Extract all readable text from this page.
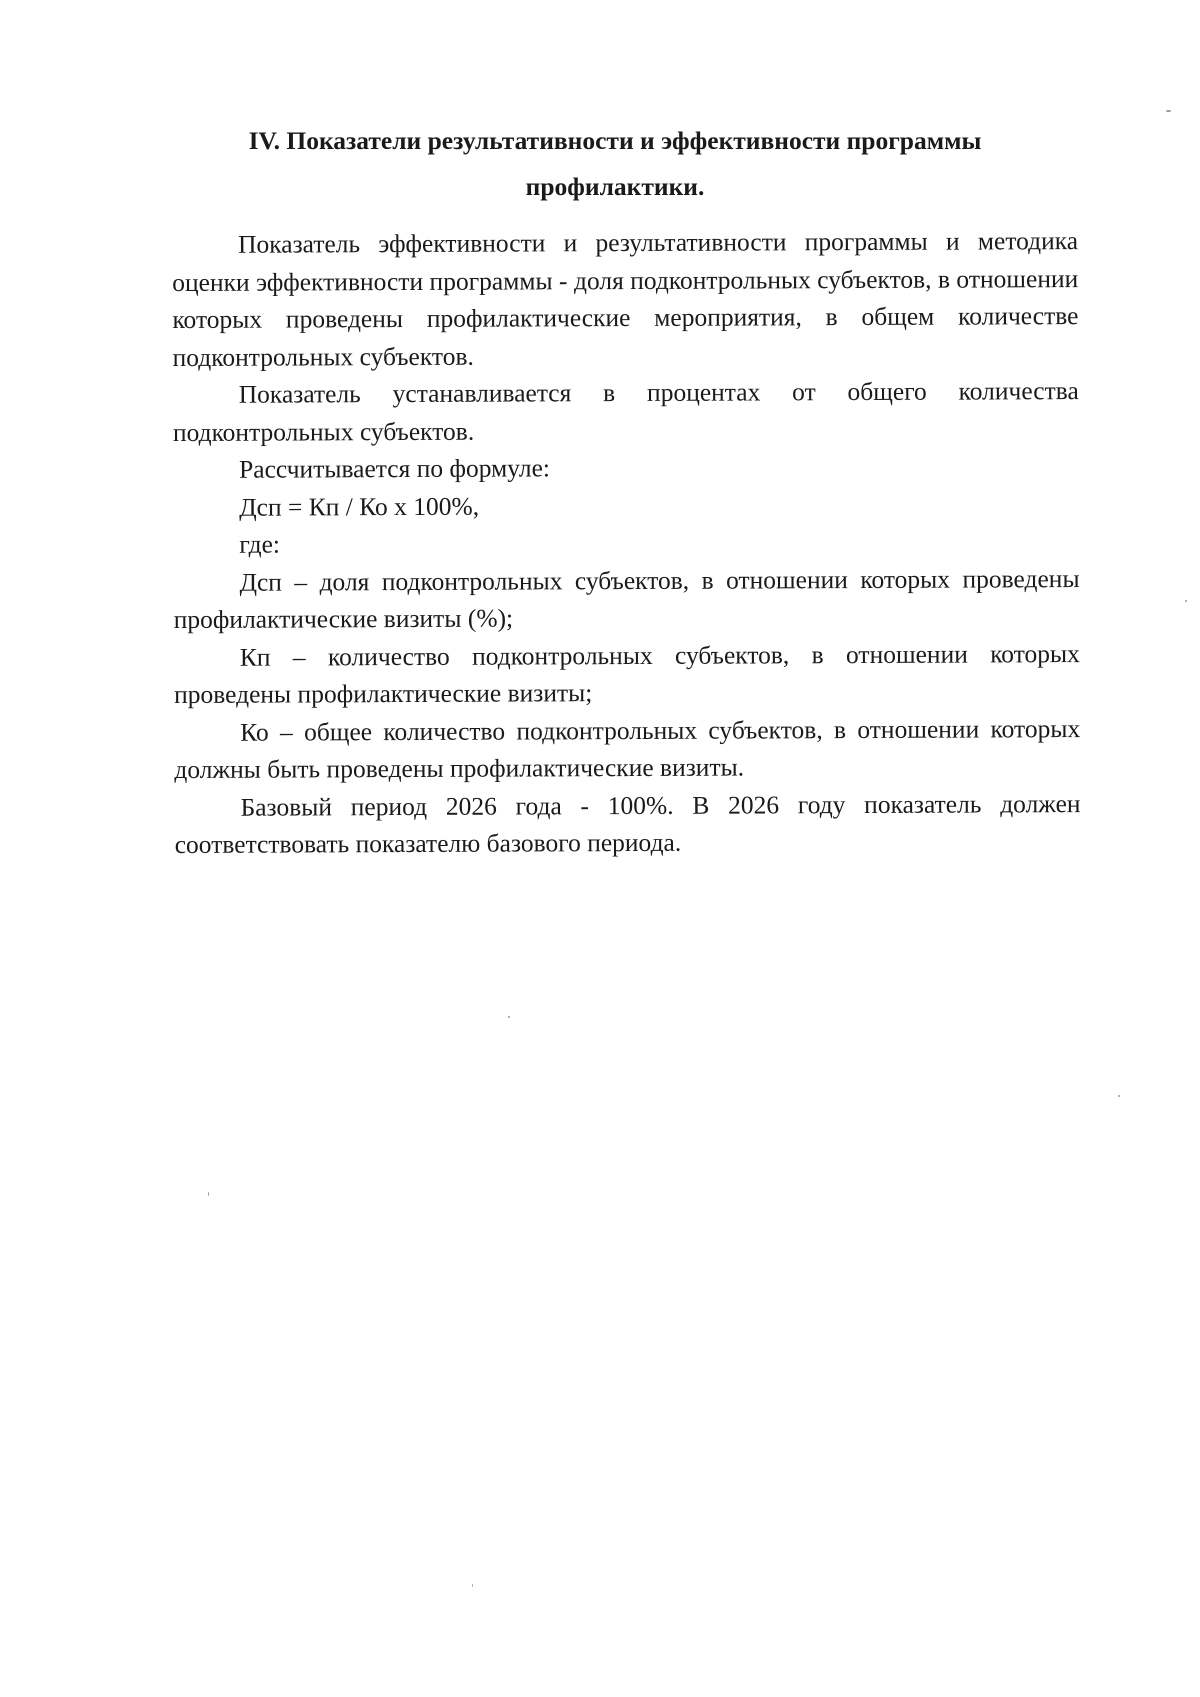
IV. Показатели результативности и эффективности программы
профилактики.

Показатель эффективности и результативности программы и методика оценки эффективности программы - доля подконтрольных субъектов, в отношении которых проведены профилактические мероприятия, в общем количестве подконтрольных субъектов.

Показатель устанавливается в процентах от общего количества подконтрольных субъектов.

Рассчитывается по формуле:

Дсп = Кп / Ко х 100%,

где:

Дсп – доля подконтрольных субъектов, в отношении которых проведены профилактические визиты (%);

Кп – количество подконтрольных субъектов, в отношении которых проведены профилактические визиты;

Ко – общее количество подконтрольных субъектов, в отношении которых должны быть проведены профилактические визиты.

Базовый период 2026 года - 100%. В 2026 году показатель должен соответствовать показателю базового периода.
